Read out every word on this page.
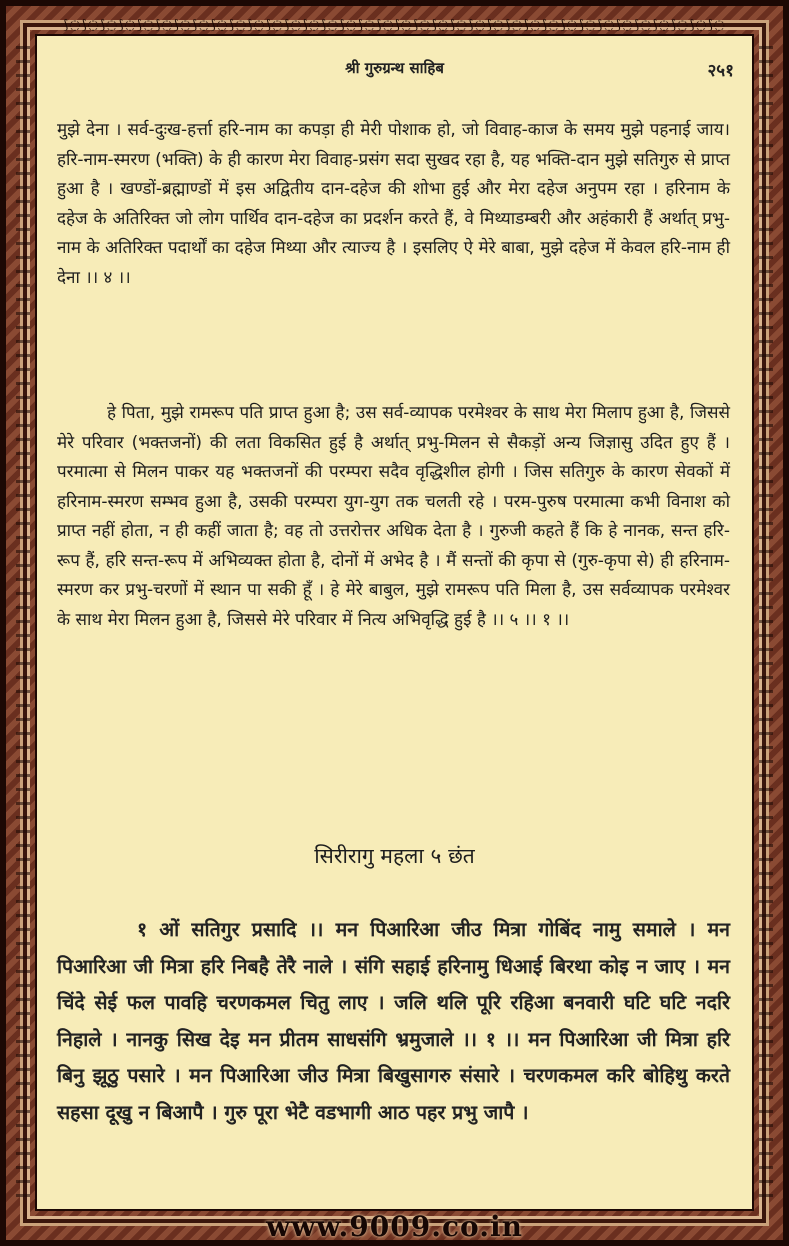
⟆◌⟆◌⟆◌⟆◌⟆◌⟆◌⟆◌⟆◌⟆◌⟆◌⟆◌⟆◌⟆◌⟆◌⟆◌⟆◌⟆◌⟆◌⟆◌⟆◌⟆◌⟆◌⟆◌⟆◌⟆◌⟆◌⟆◌⟆◌⟆◌⟆◌⟆◌⟆◌⟆◌⟆◌⟆◌⟆◌
श्री गुरुग्रन्थ साहिब	२५१
मुझे देना । सर्व-दुःख-हर्त्ता हरि-नाम का कपड़ा ही मेरी पोशाक हो, जो विवाह-काज के समय मुझे पहनाई जाय। हरि-नाम-स्मरण (भक्ति) के ही कारण मेरा विवाह-प्रसंग सदा सुखद रहा है, यह भक्ति-दान मुझे सतिगुरु से प्राप्त हुआ है । खण्डों-ब्रह्माण्डों में इस अद्वितीय दान-दहेज की शोभा हुई और मेरा दहेज अनुपम रहा । हरिनाम के दहेज के अतिरिक्त जो लोग पार्थिव दान-दहेज का प्रदर्शन करते हैं, वे मिथ्याडम्बरी और अहंकारी हैं अर्थात् प्रभु-नाम के अतिरिक्त पदार्थों का दहेज मिथ्या और त्याज्य है । इसलिए ऐ मेरे बाबा, मुझे दहेज में केवल हरि-नाम ही देना ।। ४ ।।
हे पिता, मुझे रामरूप पति प्राप्त हुआ है; उस सर्व-व्यापक परमेश्वर के साथ मेरा मिलाप हुआ है, जिससे मेरे परिवार (भक्तजनों) की लता विकसित हुई है अर्थात् प्रभु-मिलन से सैकड़ों अन्य जिज्ञासु उदित हुए हैं । परमात्मा से मिलन पाकर यह भक्तजनों की परम्परा सदैव वृद्धिशील होगी । जिस सतिगुरु के कारण सेवकों में हरिनाम-स्मरण सम्भव हुआ है, उसकी परम्परा युग-युग तक चलती रहे । परम-पुरुष परमात्मा कभी विनाश को प्राप्त नहीं होता, न ही कहीं जाता है; वह तो उत्तरोत्तर अधिक देता है । गुरुजी कहते हैं कि हे नानक, सन्त हरि-रूप हैं, हरि सन्त-रूप में अभिव्यक्त होता है, दोनों में अभेद है । मैं सन्तों की कृपा से (गुरु-कृपा से) ही हरिनाम-स्मरण कर प्रभु-चरणों में स्थान पा सकी हूँ । हे मेरे बाबुल, मुझे रामरूप पति मिला है, उस सर्वव्यापक परमेश्वर के साथ मेरा मिलन हुआ है, जिससे मेरे परिवार में नित्य अभिवृद्धि हुई है ।। ५ ।। १ ।।
सिरीरागु महला ५ छंत
१ ओं सतिगुर प्रसादि ।। मन पिआरिआ जीउ मित्रा गोबिंद नामु समाले । मन पिआरिआ जी मित्रा हरि निबहै तेरै नाले । संगि सहाई हरिनामु धिआई बिरथा कोइ न जाए । मन चिंदे सेई फल पावहि चरणकमल चितु लाए । जलि थलि पूरि रहिआ बनवारी घटि घटि नदरि निहाले । नानकु सिख देइ मन प्रीतम साधसंगि भ्रमुजाले ।। १ ।। मन पिआरिआ जी मित्रा हरि बिनु झूठु पसारे । मन पिआरिआ जीउ मित्रा बिखुसागरु संसारे । चरणकमल करि बोहिथु करते सहसा दूखु न बिआपै । गुरु पूरा भेटै वडभागी आठ पहर प्रभु जापै ।
www.9009.co.in
